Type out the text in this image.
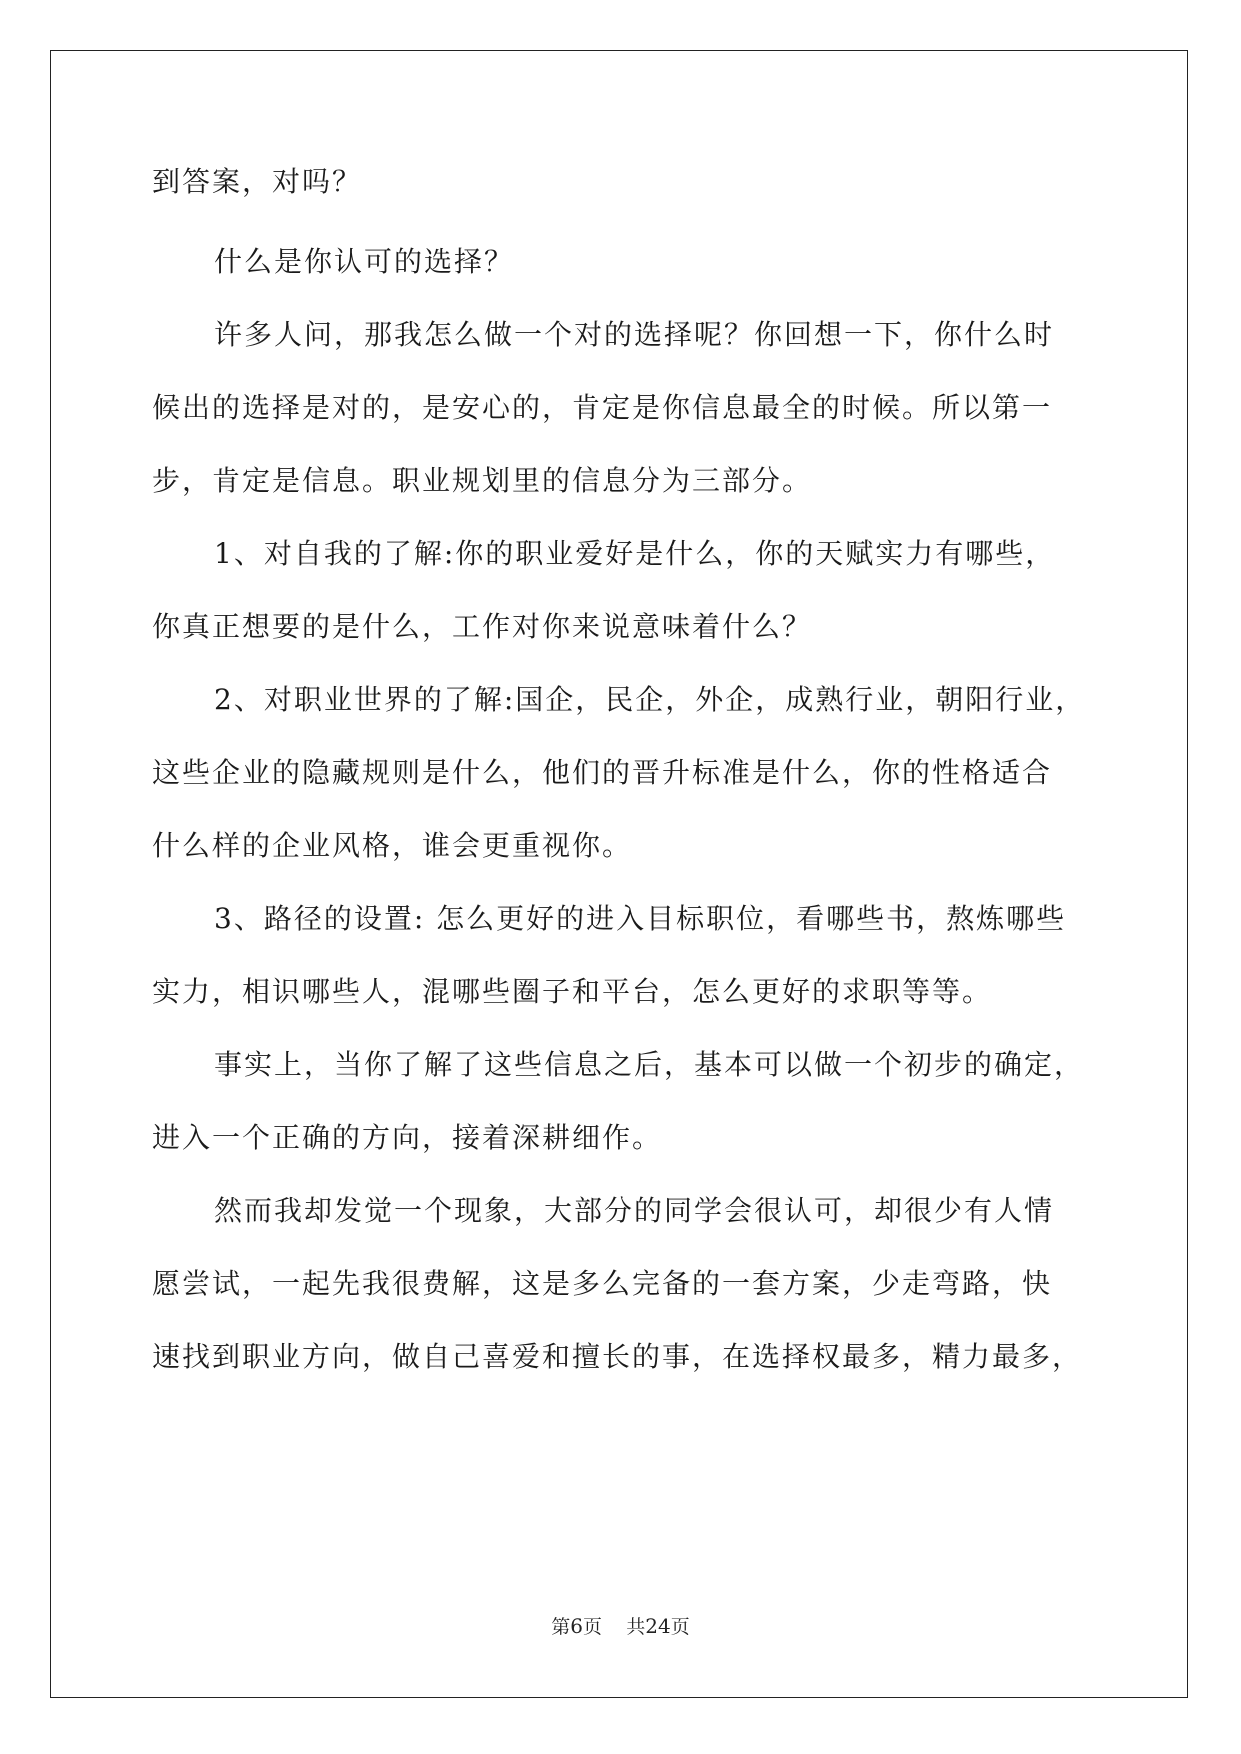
到答案，对吗？
什么是你认可的选择？
许多人问，那我怎么做一个对的选择呢？你回想一下，你什么时
候出的选择是对的，是安心的，肯定是你信息最全的时候。所以第一
步，肯定是信息。职业规划里的信息分为三部分。
1、对自我的了解:你的职业爱好是什么，你的天赋实力有哪些，
你真正想要的是什么，工作对你来说意味着什么？
2、对职业世界的了解:国企，民企，外企，成熟行业，朝阳行业，
这些企业的隐藏规则是什么，他们的晋升标准是什么，你的性格适合
什么样的企业风格，谁会更重视你。
3、路径的设置: 怎么更好的进入目标职位，看哪些书，熬炼哪些
实力，相识哪些人，混哪些圈子和平台，怎么更好的求职等等。
事实上，当你了解了这些信息之后，基本可以做一个初步的确定，
进入一个正确的方向，接着深耕细作。
然而我却发觉一个现象，大部分的同学会很认可，却很少有人情
愿尝试，一起先我很费解，这是多么完备的一套方案，少走弯路，快
速找到职业方向，做自己喜爱和擅长的事，在选择权最多，精力最多，
第6页 共24页
